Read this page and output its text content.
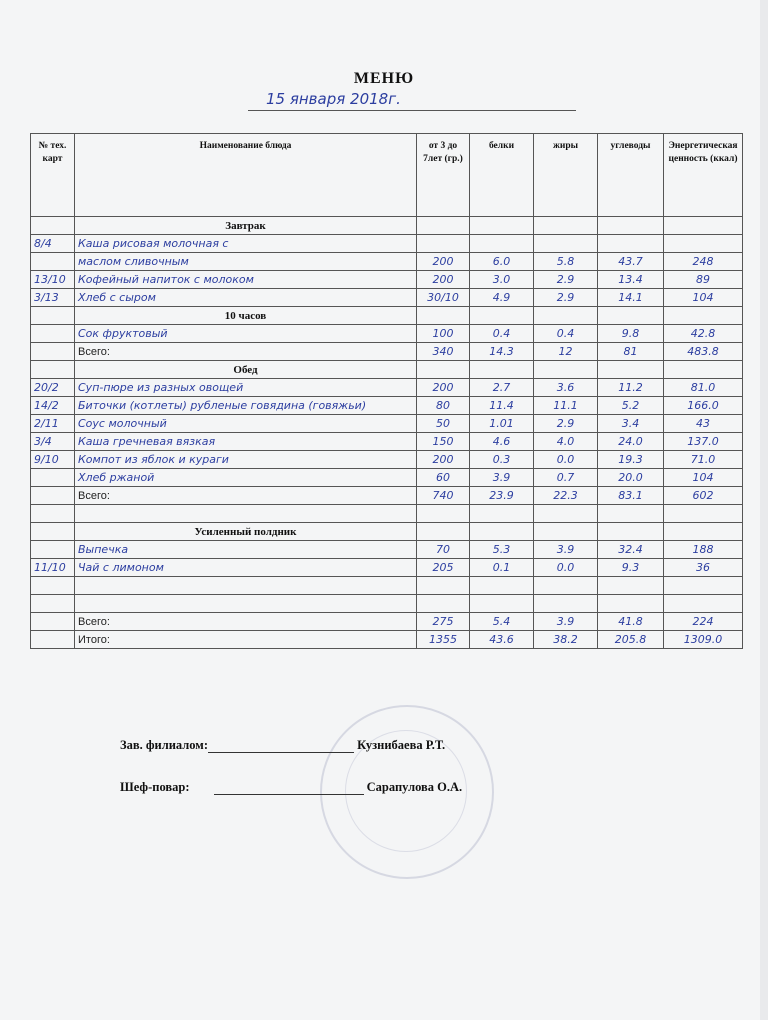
МЕНЮ
15 января 2018г.
№ тех. карт	Наименование блюда	от 3 до 7лет (гр.)	белки	жиры	углеводы	Энергетическая ценность (ккал)
	Завтрак					
8/4	Каша рисовая молочная с					
	маслом сливочным	200	6.0	5.8	43.7	248
13/10	Кофейный напиток с молоком	200	3.0	2.9	13.4	89
3/13	Хлеб с сыром	30/10	4.9	2.9	14.1	104
	10 часов					
	Сок фруктовый	100	0.4	0.4	9.8	42.8
	Всего:	340	14.3	12	81	483.8
	Обед					
20/2	Суп-пюре из разных овощей	200	2.7	3.6	11.2	81.0
14/2	Биточки (котлеты) рубленые говядина (говяжьи)	80	11.4	11.1	5.2	166.0
2/11	Соус молочный	50	1.01	2.9	3.4	43
3/4	Каша гречневая вязкая	150	4.6	4.0	24.0	137.0
9/10	Компот из яблок и кураги	200	0.3	0.0	19.3	71.0
	Хлеб ржаной	60	3.9	0.7	20.0	104
	Всего:	740	23.9	22.3	83.1	602

	Усиленный полдник					
	Выпечка	70	5.3	3.9	32.4	188
11/10	Чай с лимоном	205	0.1	0.0	9.3	36

	Всего:	275	5.4	3.9	41.8	224
	Итого:	1355	43.6	38.2	205.8	1309.0
Зав. филиалом:	Кузнибаева Р.Т.
Шеф-повар:	Сарапулова О.А.
